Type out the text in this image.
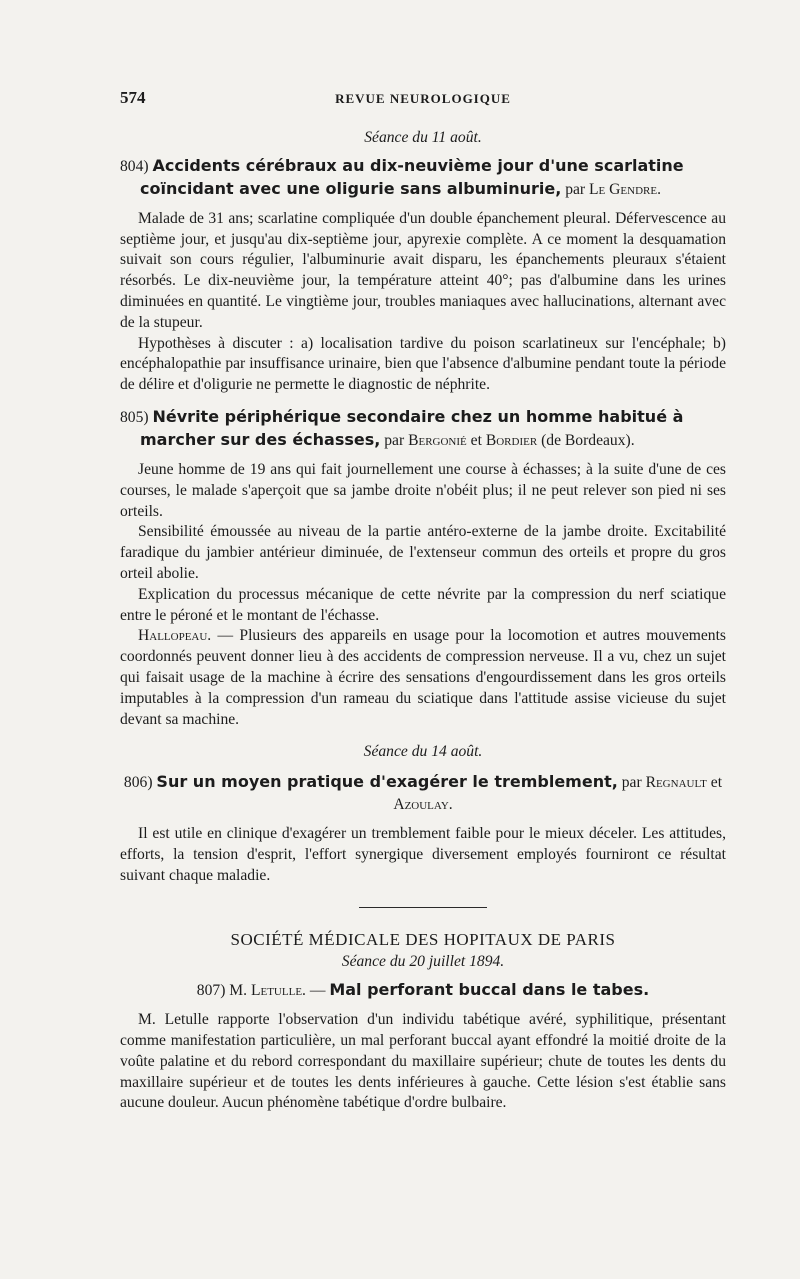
574	REVUE NEUROLOGIQUE
Séance du 11 août.
804) Accidents cérébraux au dix-neuvième jour d'une scarlatine coïncidant avec une oligurie sans albuminurie, par Le Gendre.

Malade de 31 ans; scarlatine compliquée d'un double épanchement pleural. Défervescence au septième jour, et jusqu'au dix-septième jour, apyrexie complète. A ce moment la desquamation suivait son cours régulier, l'albuminurie avait disparu, les épanchements pleuraux s'étaient résorbés. Le dix-neuvième jour, la température atteint 40°; pas d'albumine dans les urines diminuées en quantité. Le vingtième jour, troubles maniaques avec hallucinations, alternant avec de la stupeur.

Hypothèses à discuter : a) localisation tardive du poison scarlatineux sur l'encéphale; b) encéphalopathie par insuffisance urinaire, bien que l'absence d'albumine pendant toute la période de délire et d'oligurie ne permette le diagnostic de néphrite.

805) Névrite périphérique secondaire chez un homme habitué à marcher sur des échasses, par Bergonié et Bordier (de Bordeaux).

Jeune homme de 19 ans qui fait journellement une course à échasses; à la suite d'une de ces courses, le malade s'aperçoit que sa jambe droite n'obéit plus; il ne peut relever son pied ni ses orteils.

Sensibilité émoussée au niveau de la partie antéro-externe de la jambe droite. Excitabilité faradique du jambier antérieur diminuée, de l'extenseur commun des orteils et propre du gros orteil abolie.

Explication du processus mécanique de cette névrite par la compression du nerf sciatique entre le péroné et le montant de l'échasse.

Hallopeau. — Plusieurs des appareils en usage pour la locomotion et autres mouvements coordonnés peuvent donner lieu à des accidents de compression nerveuse. Il a vu, chez un sujet qui faisait usage de la machine à écrire des sensations d'engourdissement dans les gros orteils imputables à la compression d'un rameau du sciatique dans l'attitude assise vicieuse du sujet devant sa machine.

Séance du 14 août.
806) Sur un moyen pratique d'exagérer le tremblement, par Regnault et Azoulay.

Il est utile en clinique d'exagérer un tremblement faible pour le mieux déceler. Les attitudes, efforts, la tension d'esprit, l'effort synergique diversement employés fourniront ce résultat suivant chaque maladie.

SOCIÉTÉ MÉDICALE DES HOPITAUX DE PARIS
Séance du 20 juillet 1894.
807) M. Letulle. — Mal perforant buccal dans le tabes.

M. Letulle rapporte l'observation d'un individu tabétique avéré, syphilitique, présentant comme manifestation particulière, un mal perforant buccal ayant effondré la moitié droite de la voûte palatine et du rebord correspondant du maxillaire supérieur; chute de toutes les dents du maxillaire supérieur et de toutes les dents inférieures à gauche. Cette lésion s'est établie sans aucune douleur. Aucun phénomène tabétique d'ordre bulbaire.
